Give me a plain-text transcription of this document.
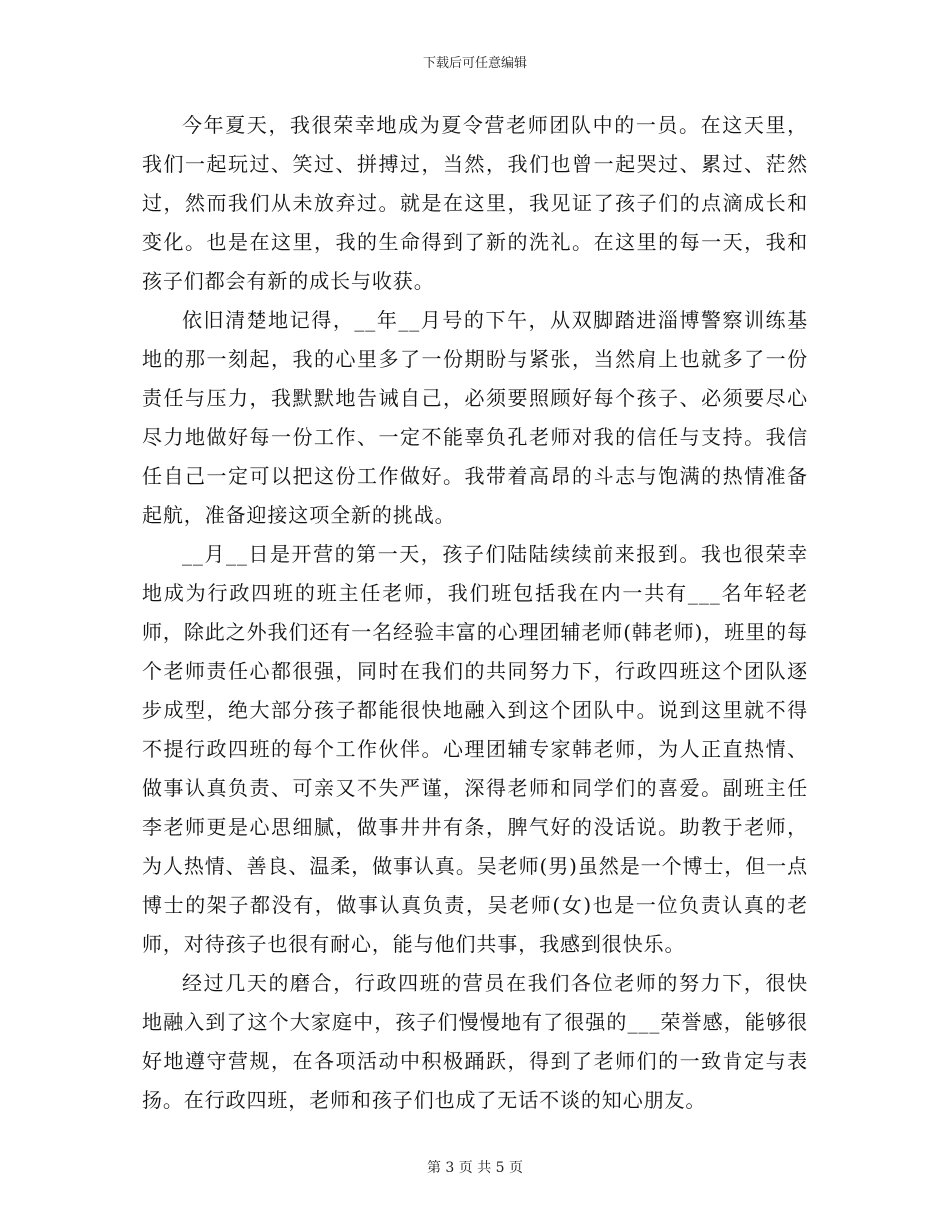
下载后可任意编辑

今年夏天，我很荣幸地成为夏令营老师团队中的一员。在这天里，我们一起玩过、笑过、拼搏过，当然，我们也曾一起哭过、累过、茫然过，然而我们从未放弃过。就是在这里，我见证了孩子们的点滴成长和变化。也是在这里，我的生命得到了新的洗礼。在这里的每一天，我和孩子们都会有新的成长与收获。

依旧清楚地记得，__年__月号的下午，从双脚踏进淄博警察训练基地的那一刻起，我的心里多了一份期盼与紧张，当然肩上也就多了一份责任与压力，我默默地告诫自己，必须要照顾好每个孩子、必须要尽心尽力地做好每一份工作、一定不能辜负孔老师对我的信任与支持。我信任自己一定可以把这份工作做好。我带着高昂的斗志与饱满的热情准备起航，准备迎接这项全新的挑战。

__月__日是开营的第一天，孩子们陆陆续续前来报到。我也很荣幸地成为行政四班的班主任老师，我们班包括我在内一共有___名年轻老师，除此之外我们还有一名经验丰富的心理团辅老师(韩老师)，班里的每个老师责任心都很强，同时在我们的共同努力下，行政四班这个团队逐步成型，绝大部分孩子都能很快地融入到这个团队中。说到这里就不得不提行政四班的每个工作伙伴。心理团辅专家韩老师，为人正直热情、做事认真负责、可亲又不失严谨，深得老师和同学们的喜爱。副班主任李老师更是心思细腻，做事井井有条，脾气好的没话说。助教于老师，为人热情、善良、温柔，做事认真。吴老师(男)虽然是一个博士，但一点博士的架子都没有，做事认真负责，吴老师(女)也是一位负责认真的老师，对待孩子也很有耐心，能与他们共事，我感到很快乐。

经过几天的磨合，行政四班的营员在我们各位老师的努力下，很快地融入到了这个大家庭中，孩子们慢慢地有了很强的___荣誉感，能够很好地遵守营规，在各项活动中积极踊跃，得到了老师们的一致肯定与表扬。在行政四班，老师和孩子们也成了无话不谈的知心朋友。

第 3 页 共 5 页
